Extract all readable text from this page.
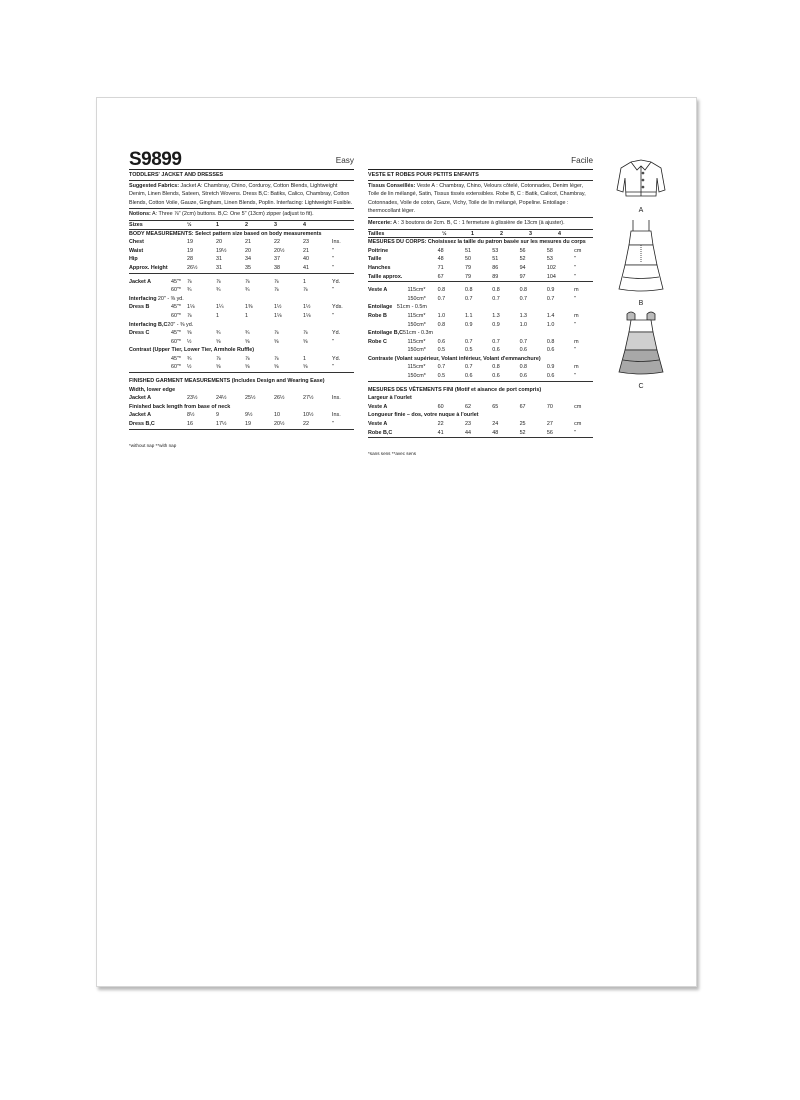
S9899	Easy
TODDLERS' JACKET AND DRESSES
Suggested Fabrics: Jacket A: Chambray, Chino, Corduroy, Cotton Blends, Lightweight Denim, Linen Blends, Sateen, Stretch Wovens. Dress B,C: Batiks, Calico, Chambray, Cotton Blends, Cotton Voile, Gauze, Gingham, Linen Blends, Poplin. Interfacing: Lightweight Fusible.
Notions: A: Three ⅞" (2cm) buttons. B,C: One 5" (13cm) zipper (adjust to fit).
Sizes	½	1	2	3	4
BODY MEASUREMENTS: Select pattern size based on body measurements
Chest	19	20	21	22	23	Ins.
Waist	19	19½	20	20½	21	"
Hip	28	31	34	37	40	"
Approx. Height	26½	31	35	38	41	"
Jacket A	45"*	⅞	⅞	⅞	⅞	1	Yd.
60"*	¾	¾	¾	⅞	⅞	"
Interfacing 20" - ⅜ yd.
Dress B	45"*	1⅛	1¼	1⅜	1½	1½	Yds.
60"*	⅞	1	1	1⅛	1⅛	"
Interfacing B,C 20" - ⅜ yd.
Dress C	45"*	⅝	¾	¾	⅞	⅞	Yd.
60"*	½	⅝	⅝	⅝	⅝	"
Contrast (Upper Tier, Lower Tier, Armhole Ruffle)
45"*	¾	⅞	⅞	⅞	1	Yd.
60"*	½	⅝	⅝	⅝	⅝	"
FINISHED GARMENT MEASUREMENTS (Includes Design and Wearing Ease)
Width, lower edge
Jacket A	23½	24½	25½	26½	27½	Ins.
Finished back length from base of neck
Jacket A	8½	9	9½	10	10½	Ins.
Dress B,C	16	17½	19	20½	22	"
*without nap **with nap
Facile
VESTE ET ROBES POUR PETITS ENFANTS
Tissus Conseillés: Veste A : Chambray, Chino, Velours côtelé, Cotonnades, Denim léger, Toile de lin mélangé, Satin, Tissus tissés extensibles. Robe B, C : Batik, Calicot, Chambray, Cotonnades, Voile de coton, Gaze, Vichy, Toile de lin mélangé, Popeline. Entoilage : thermocollant léger.
Mercerie: A : 3 boutons de 2cm. B, C : 1 fermeture à glissière de 13cm (à ajuster).
Tailles	½	1	2	3	4
MESURES DU CORPS: Choisissez la taille du patron basée sur les mesures du corps
Poitrine	48	51	53	56	58	cm
Taille	48	50	51	52	53	"
Hanches	71	79	86	94	102	"
Taille approx.	67	79	89	97	104	"
Veste A	115cm*	0.8	0.8	0.8	0.8	0.9	m
150cm*	0.7	0.7	0.7	0.7	0.7	"
Entoilage 51cm - 0.5m
Robe B	115cm*	1.0	1.1	1.3	1.3	1.4	m
150cm*	0.8	0.9	0.9	1.0	1.0	"
Entoilage B,C 51cm - 0.3m
Robe C	115cm*	0.6	0.7	0.7	0.7	0.8	m
150cm*	0.5	0.5	0.6	0.6	0.6	"
Contraste (Volant supérieur, Volant inférieur, Volant d'emmanchure)
115cm*	0.7	0.7	0.8	0.8	0.9	m
150cm*	0.5	0.6	0.6	0.6	0.6	"
MESURES DES VÊTEMENTS FINI (Motif et aisance de port compris)
Largeur à l'ourlet
Veste A	60	62	65	67	70	cm
Longueur finie – dos, votre nuque à l'ourlet
Veste A	22	23	24	25	27	cm
Robe B,C	41	44	48	52	56	"
*sans sens **avec sens
A
B
C
